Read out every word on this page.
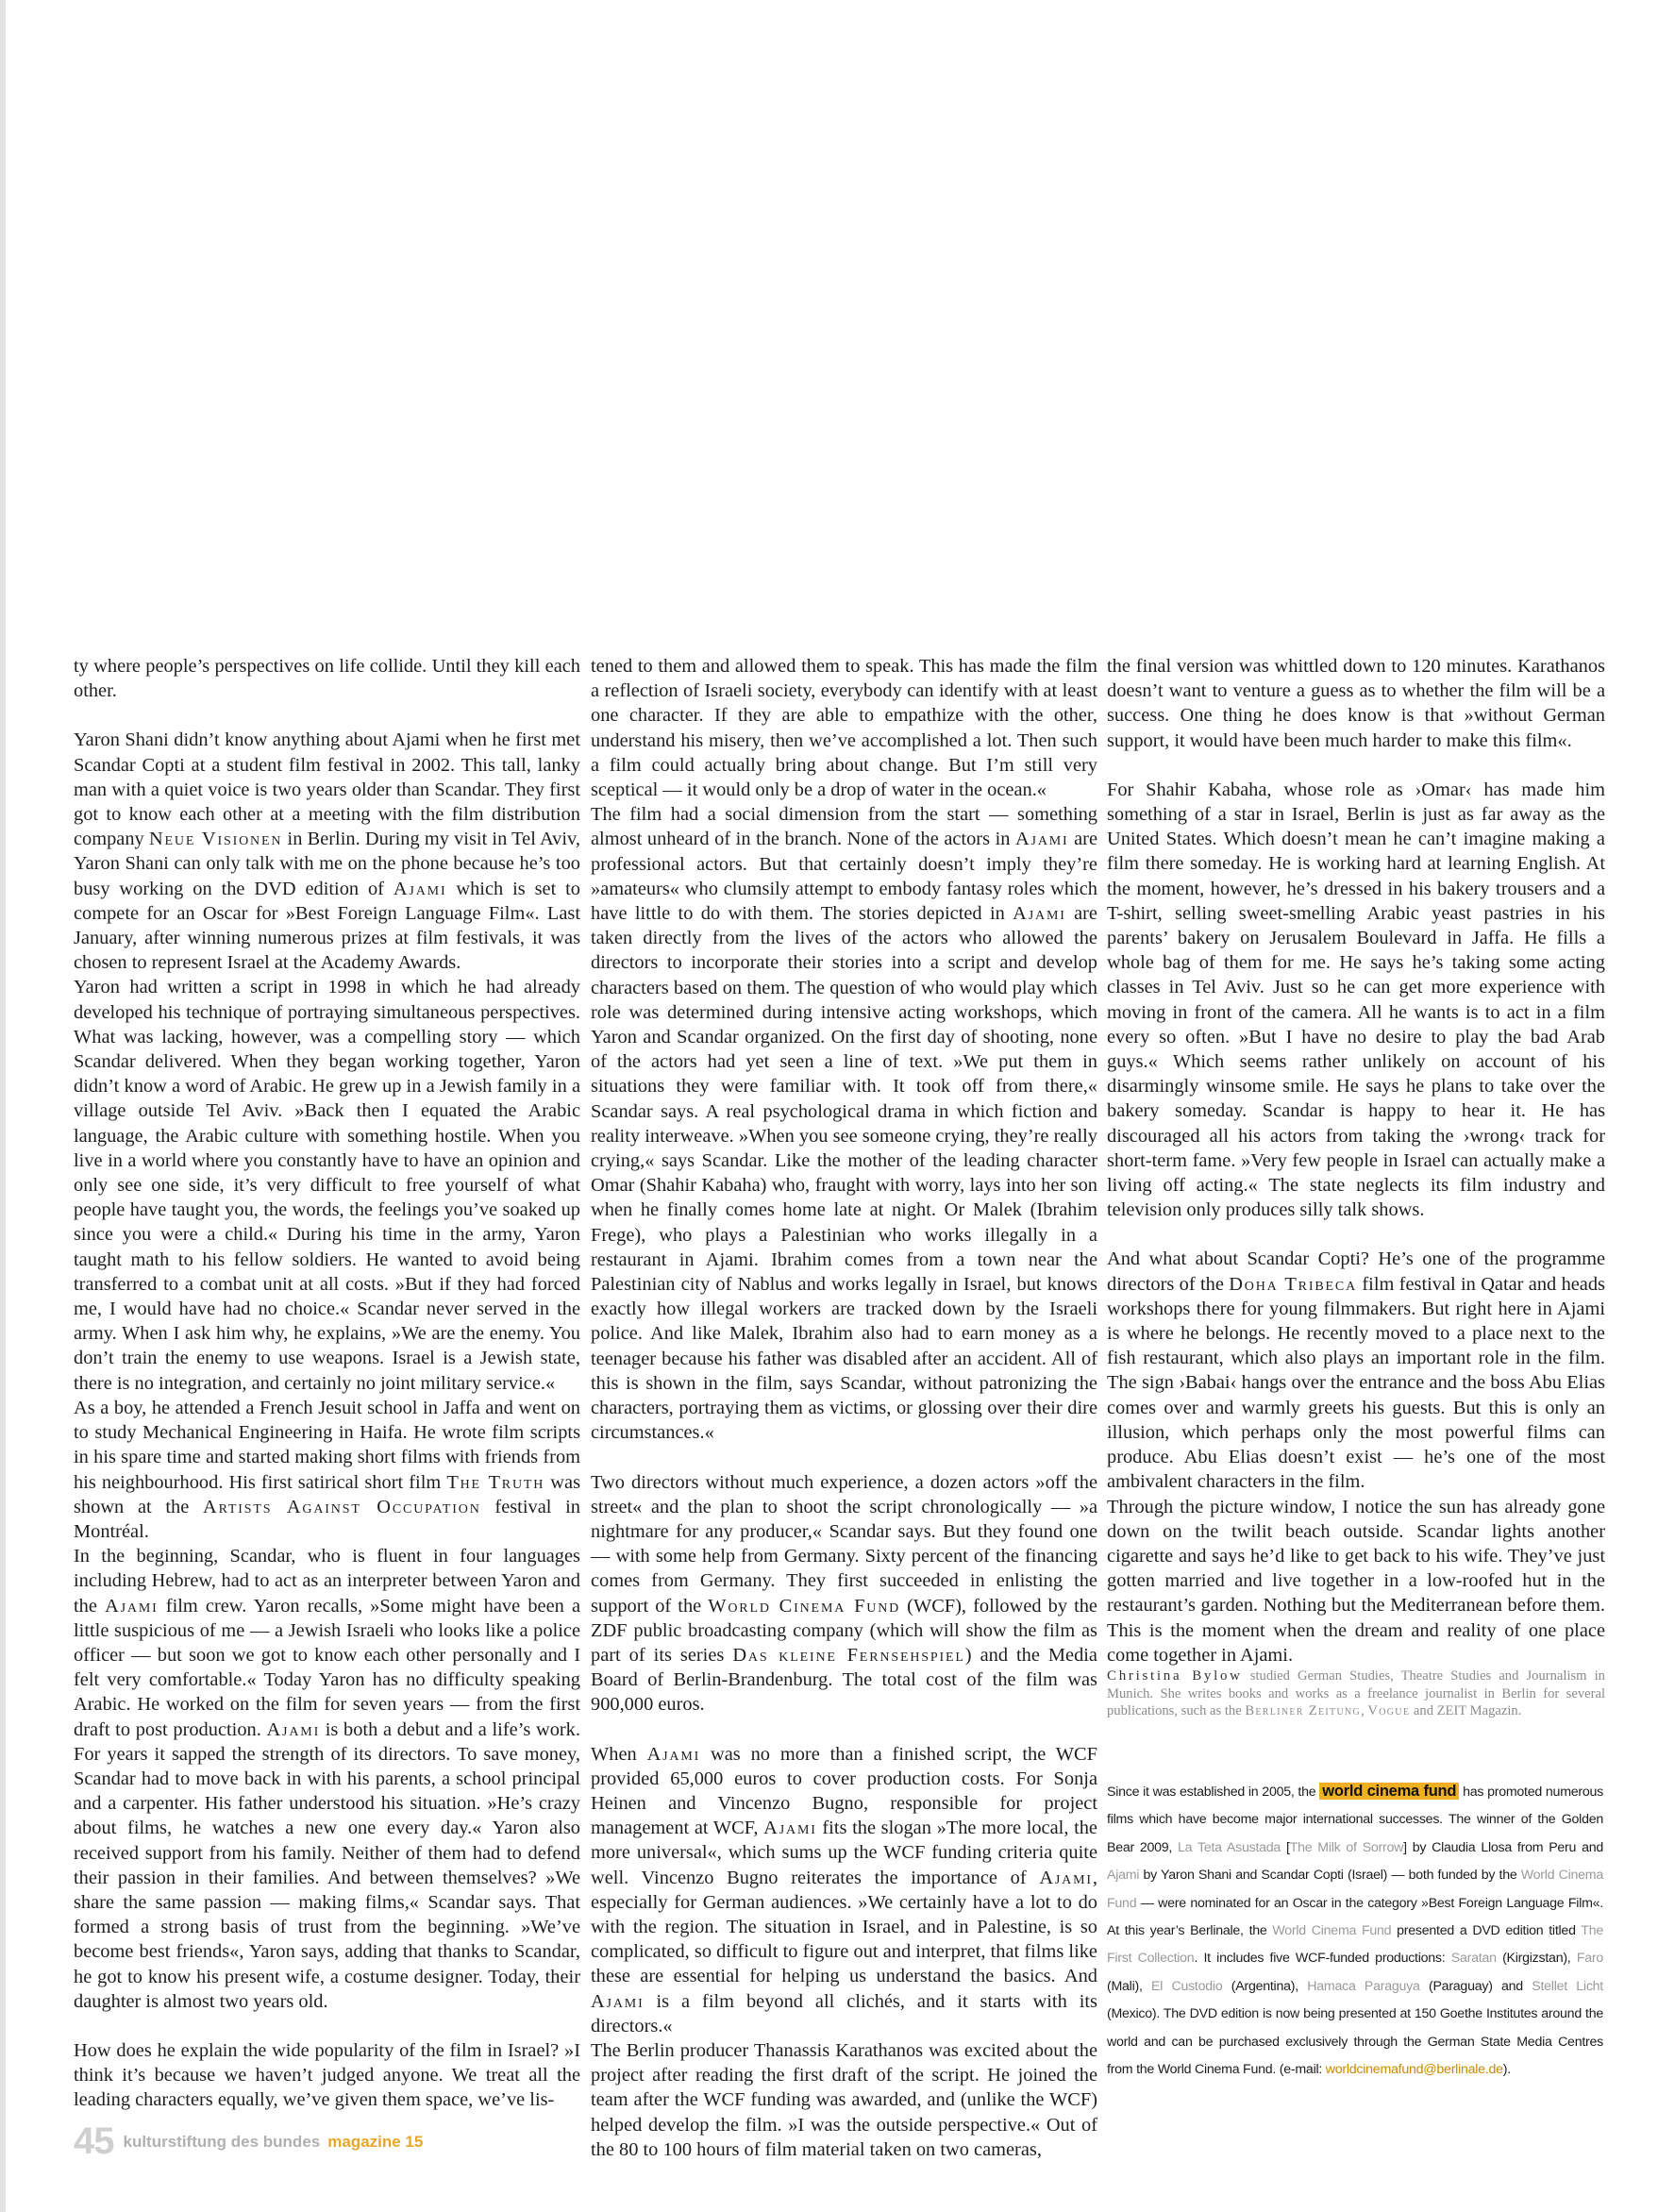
ty where people’s perspectives on life collide. Until they kill each other.

Yaron Shani didn’t know anything about Ajami when he first met Scandar Copti at a student film festival in 2002. This tall, lanky man with a quiet voice is two years older than Scandar. They first got to know each other at a meeting with the film distribution company Neue Visionen in Berlin. During my visit in Tel Aviv, Yaron Shani can only talk with me on the phone because he’s too busy working on the DVD edition of Ajami which is set to compete for an Oscar for »Best Foreign Language Film«. Last January, after winning numerous prizes at film festivals, it was chosen to represent Israel at the Academy Awards.

Yaron had written a script in 1998 in which he had already developed his technique of portraying simultaneous perspectives. What was lacking, however, was a compelling story — which Scandar delivered. When they began working together, Yaron didn’t know a word of Arabic. He grew up in a Jewish family in a village outside Tel Aviv. »Back then I equated the Arabic language, the Arabic culture with something hostile. When you live in a world where you constantly have to have an opinion and only see one side, it’s very difficult to free yourself of what people have taught you, the words, the feelings you’ve soaked up since you were a child.« During his time in the army, Yaron taught math to his fellow soldiers. He wanted to avoid being transferred to a combat unit at all costs. »But if they had forced me, I would have had no choice.« Scandar never served in the army. When I ask him why, he explains, »We are the enemy. You don’t train the enemy to use weapons. Israel is a Jewish state, there is no integration, and certainly no joint military service.«

As a boy, he attended a French Jesuit school in Jaffa and went on to study Mechanical Engineering in Haifa. He wrote film scripts in his spare time and started making short films with friends from his neighbourhood. His first satirical short film The Truth was shown at the Artists Against Occupation festival in Montréal.

In the beginning, Scandar, who is fluent in four languages including Hebrew, had to act as an interpreter between Yaron and the Ajami film crew. Yaron recalls, »Some might have been a little suspicious of me — a Jewish Israeli who looks like a police officer — but soon we got to know each other personally and I felt very comfortable.« Today Yaron has no difficulty speaking Arabic. He worked on the film for seven years — from the first draft to post production. Ajami is both a debut and a life’s work. For years it sapped the strength of its directors. To save money, Scandar had to move back in with his parents, a school principal and a carpenter. His father understood his situation. »He’s crazy about films, he watches a new one every day.« Yaron also received support from his family. Neither of them had to defend their passion in their families. And between themselves? »We share the same passion — making films,« Scandar says. That formed a strong basis of trust from the beginning. »We’ve become best friends«, Yaron says, adding that thanks to Scandar, he got to know his present wife, a costume designer. Today, their daughter is almost two years old.

How does he explain the wide popularity of the film in Israel? »I think it’s because we haven’t judged anyone. We treat all the leading characters equally, we’ve given them space, we’ve lis-

tened to them and allowed them to speak. This has made the film a reflection of Israeli society, everybody can identify with at least one character. If they are able to empathize with the other, understand his misery, then we’ve accomplished a lot. Then such a film could actually bring about change. But I’m still very sceptical — it would only be a drop of water in the ocean.«

The film had a social dimension from the start — something almost unheard of in the branch. None of the actors in Ajami are professional actors. But that certainly doesn’t imply they’re »amateurs« who clumsily attempt to embody fantasy roles which have little to do with them. The stories depicted in Ajami are taken directly from the lives of the actors who allowed the directors to incorporate their stories into a script and develop characters based on them. The question of who would play which role was determined during intensive acting workshops, which Yaron and Scandar organized. On the first day of shooting, none of the actors had yet seen a line of text. »We put them in situations they were familiar with. It took off from there,« Scandar says. A real psychological drama in which fiction and reality interweave. »When you see someone crying, they’re really crying,« says Scandar. Like the mother of the leading character Omar (Shahir Kabaha) who, fraught with worry, lays into her son when he finally comes home late at night. Or Malek (Ibrahim Frege), who plays a Palestinian who works illegally in a restaurant in Ajami. Ibrahim comes from a town near the Palestinian city of Nablus and works legally in Israel, but knows exactly how illegal workers are tracked down by the Israeli police. And like Malek, Ibrahim also had to earn money as a teenager because his father was disabled after an accident. All of this is shown in the film, says Scandar, without patronizing the characters, portraying them as victims, or glossing over their dire circumstances.«

Two directors without much experience, a dozen actors »off the street« and the plan to shoot the script chronologically — »a nightmare for any producer,« Scandar says. But they found one — with some help from Germany. Sixty percent of the financing comes from Germany. They first succeeded in enlisting the support of the World Cinema Fund (WCF), followed by the ZDF public broadcasting company (which will show the film as part of its series Das kleine Fernsehspiel) and the Media Board of Berlin-Brandenburg. The total cost of the film was 900,000 euros.

When Ajami was no more than a finished script, the WCF provided 65,000 euros to cover production costs. For Sonja Heinen and Vincenzo Bugno, responsible for project management at WCF, Ajami fits the slogan »The more local, the more universal«, which sums up the WCF funding criteria quite well. Vincenzo Bugno reiterates the importance of Ajami, especially for German audiences. »We certainly have a lot to do with the region. The situation in Israel, and in Palestine, is so complicated, so difficult to figure out and interpret, that films like these are essential for helping us understand the basics. And Ajami is a film beyond all clichés, and it starts with its directors.«

The Berlin producer Thanassis Karathanos was excited about the project after reading the first draft of the script. He joined the team after the WCF funding was awarded, and (unlike the WCF) helped develop the film. »I was the outside perspective.« Out of the 80 to 100 hours of film material taken on two cameras,

the final version was whittled down to 120 minutes. Karathanos doesn’t want to venture a guess as to whether the film will be a success. One thing he does know is that »without German support, it would have been much harder to make this film«.

For Shahir Kabaha, whose role as ›Omar‹ has made him something of a star in Israel, Berlin is just as far away as the United States. Which doesn’t mean he can’t imagine making a film there someday. He is working hard at learning English. At the moment, however, he’s dressed in his bakery trousers and a T-shirt, selling sweet-smelling Arabic yeast pastries in his parents’ bakery on Jerusalem Boulevard in Jaffa. He fills a whole bag of them for me. He says he’s taking some acting classes in Tel Aviv. Just so he can get more experience with moving in front of the camera. All he wants is to act in a film every so often. »But I have no desire to play the bad Arab guys.« Which seems rather unlikely on account of his disarmingly winsome smile. He says he plans to take over the bakery someday. Scandar is happy to hear it. He has discouraged all his actors from taking the ›wrong‹ track for short-term fame. »Very few people in Israel can actually make a living off acting.« The state neglects its film industry and television only produces silly talk shows.

And what about Scandar Copti? He’s one of the programme directors of the Doha Tribeca film festival in Qatar and heads workshops there for young filmmakers. But right here in Ajami is where he belongs. He recently moved to a place next to the fish restaurant, which also plays an important role in the film. The sign ›Babai‹ hangs over the entrance and the boss Abu Elias comes over and warmly greets his guests. But this is only an illusion, which perhaps only the most powerful films can produce. Abu Elias doesn’t exist — he’s one of the most ambivalent characters in the film.

Through the picture window, I notice the sun has already gone down on the twilit beach outside. Scandar lights another cigarette and says he’d like to get back to his wife. They’ve just gotten married and live together in a low-roofed hut in the restaurant’s garden. Nothing but the Mediterranean before them. This is the moment when the dream and reality of one place come together in Ajami.

Christina Bylow studied German Studies, Theatre Studies and Journalism in Munich. She writes books and works as a freelance journalist in Berlin for several publications, such as the Berliner Zeitung, Vogue and ZEIT Magazin.

Since it was established in 2005, the world cinema fund has promoted numerous films which have become major international successes. The winner of the Golden Bear 2009, La Teta Asustada [The Milk of Sorrow] by Claudia Llosa from Peru and Ajami by Yaron Shani and Scandar Copti (Israel) — both funded by the World Cinema Fund — were nominated for an Oscar in the category »Best Foreign Language Film«. At this year’s Berlinale, the World Cinema Fund presented a DVD edition titled The First Collection. It includes five WCF-funded productions: Saratan (Kirgizstan), Faro (Mali), El Custodio (Argentina), Hamaca Paraguya (Paraguay) and Stellet Licht (Mexico). The DVD edition is now being presented at 150 Goethe Institutes around the world and can be purchased exclusively through the German State Media Centres from the World Cinema Fund. (e-mail: worldcinemafund@berlinale.de).
45 kulturstiftung des bundes magazine 15
